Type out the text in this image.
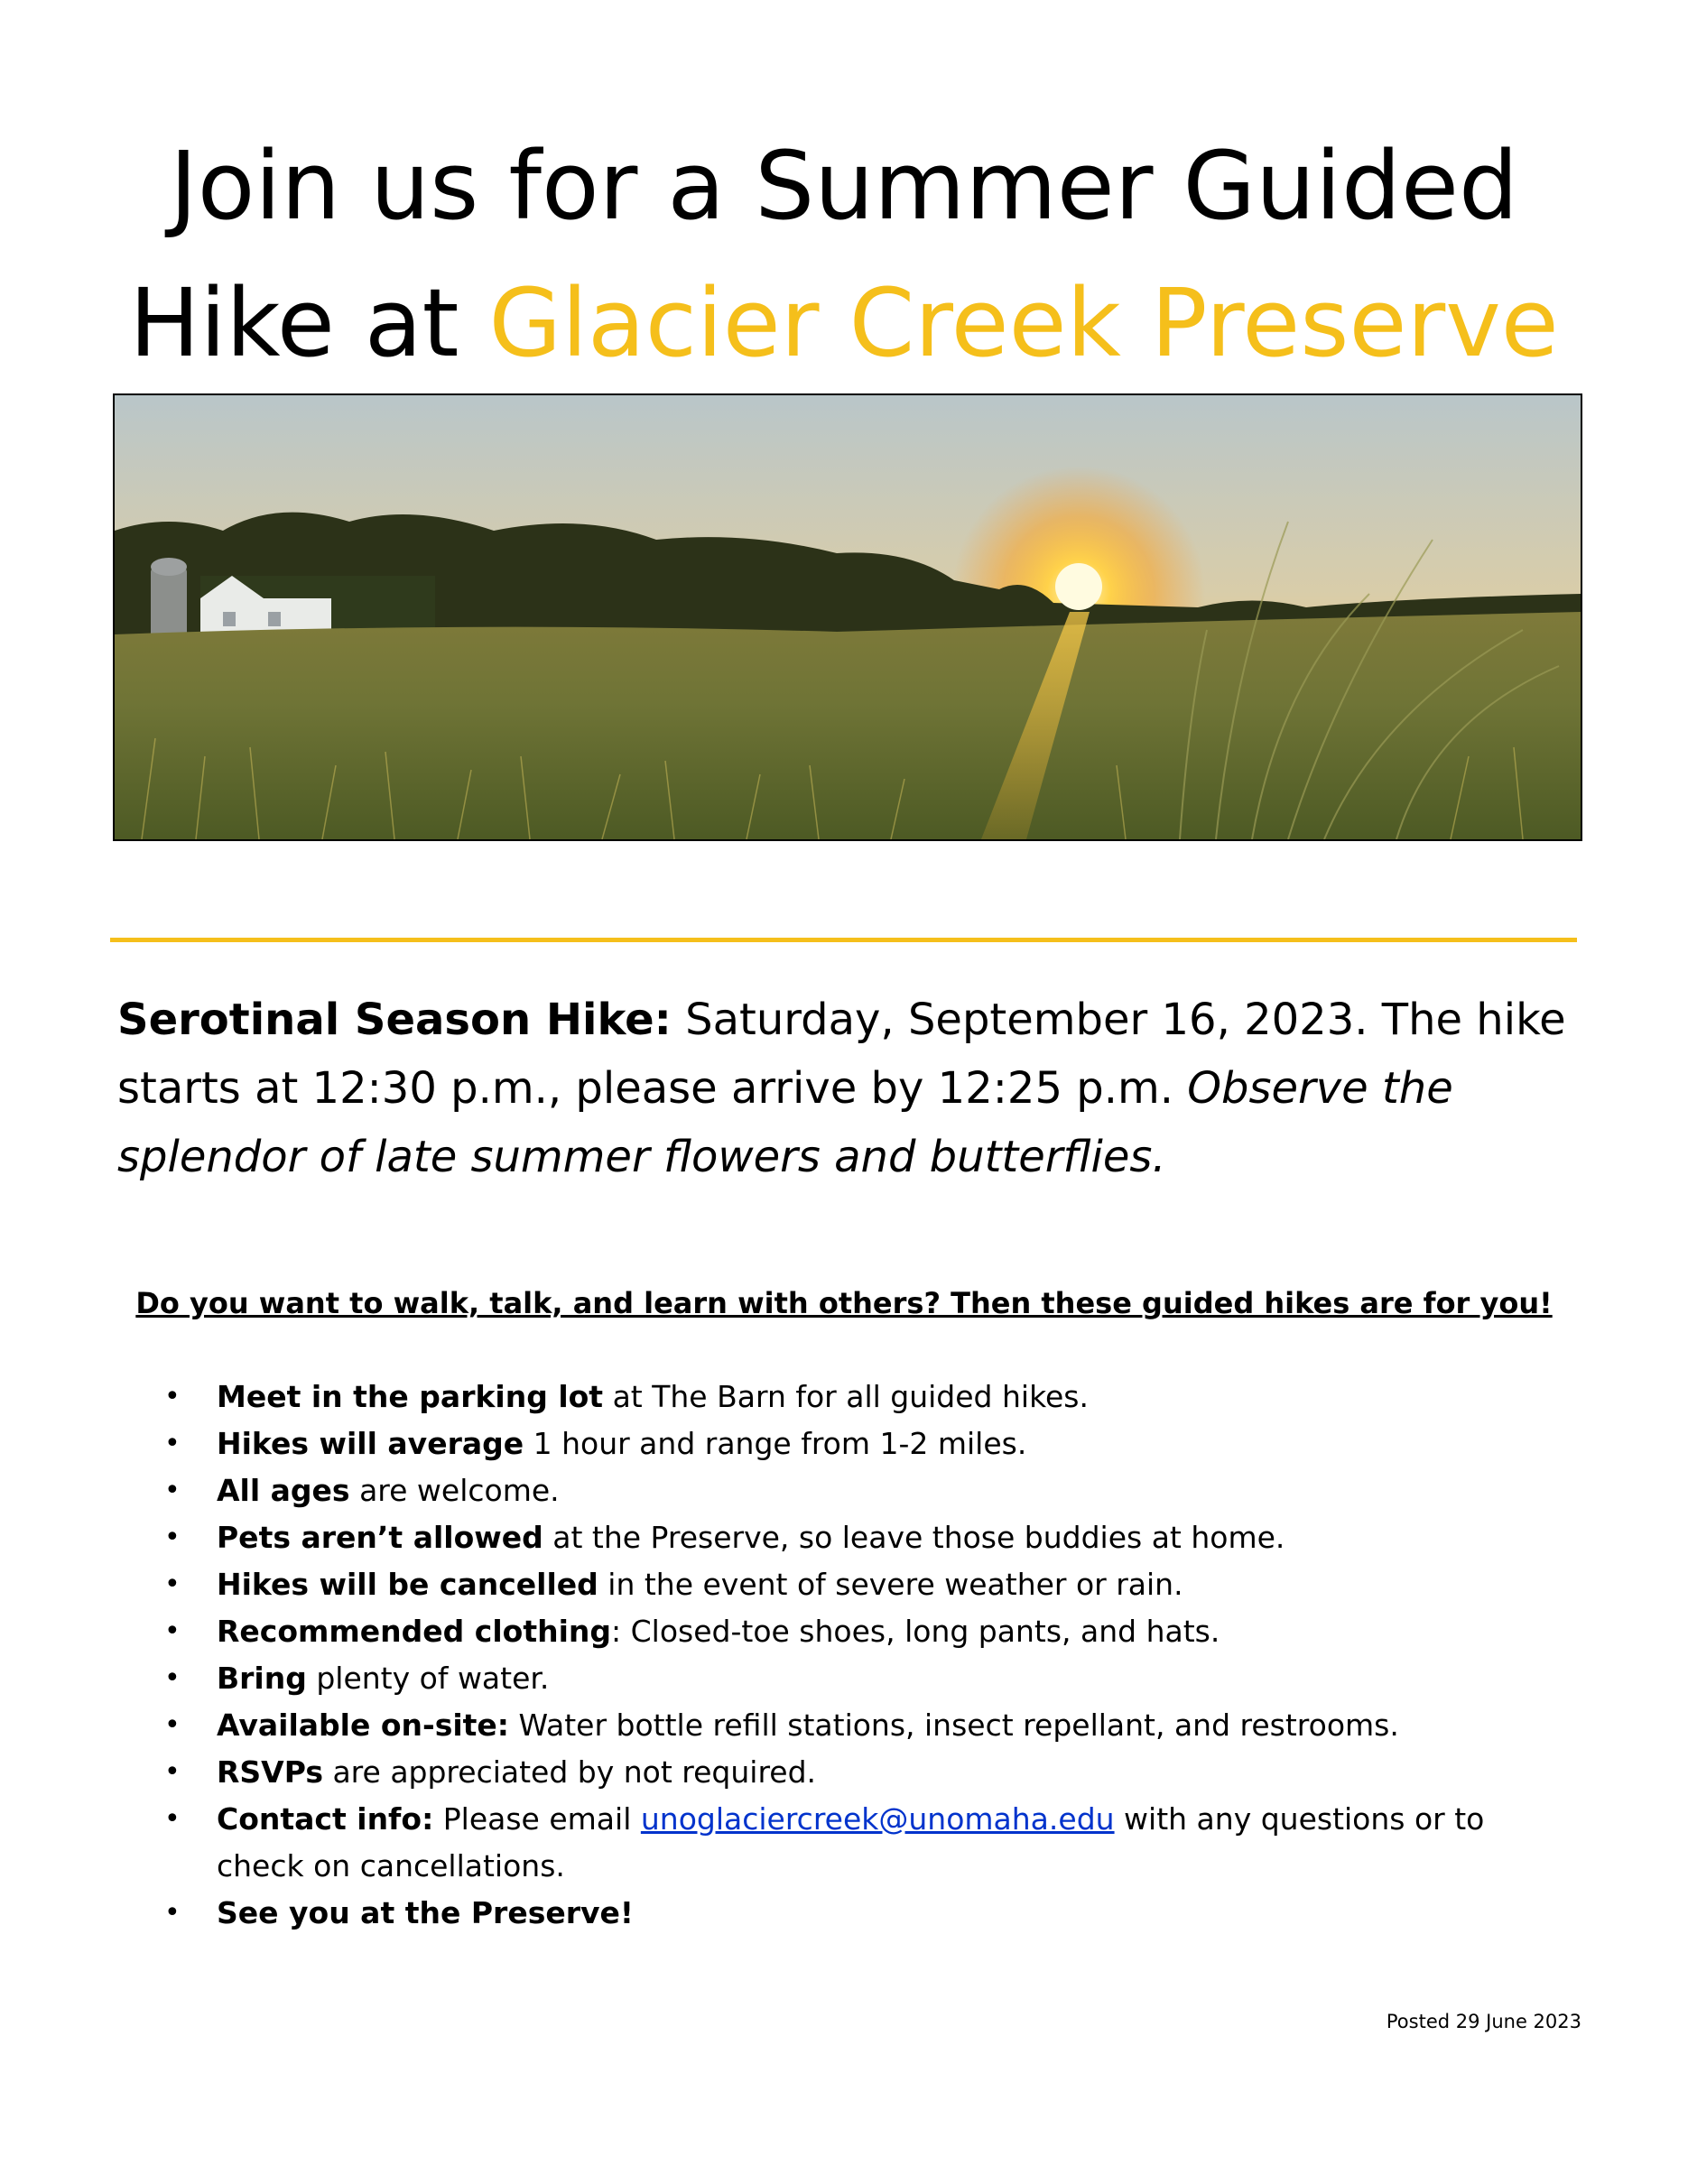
Join us for a Summer Guided
Hike at Glacier Creek Preserve

Serotinal Season Hike: Saturday, September 16, 2023. The hike starts at 12:30 p.m., please arrive by 12:25 p.m. Observe the splendor of late summer flowers and butterflies.

Do you want to walk, talk, and learn with others? Then these guided hikes are for you!
• Meet in the parking lot at The Barn for all guided hikes.
• Hikes will average 1 hour and range from 1-2 miles.
• All ages are welcome.
• Pets aren’t allowed at the Preserve, so leave those buddies at home.
• Hikes will be cancelled in the event of severe weather or rain.
• Recommended clothing: Closed-toe shoes, long pants, and hats.
• Bring plenty of water.
• Available on-site: Water bottle refill stations, insect repellant, and restrooms.
• RSVPs are appreciated by not required.
• Contact info: Please email unoglaciercreek@unomaha.edu with any questions or to check on cancellations.
• See you at the Preserve!
Posted 29 June 2023
